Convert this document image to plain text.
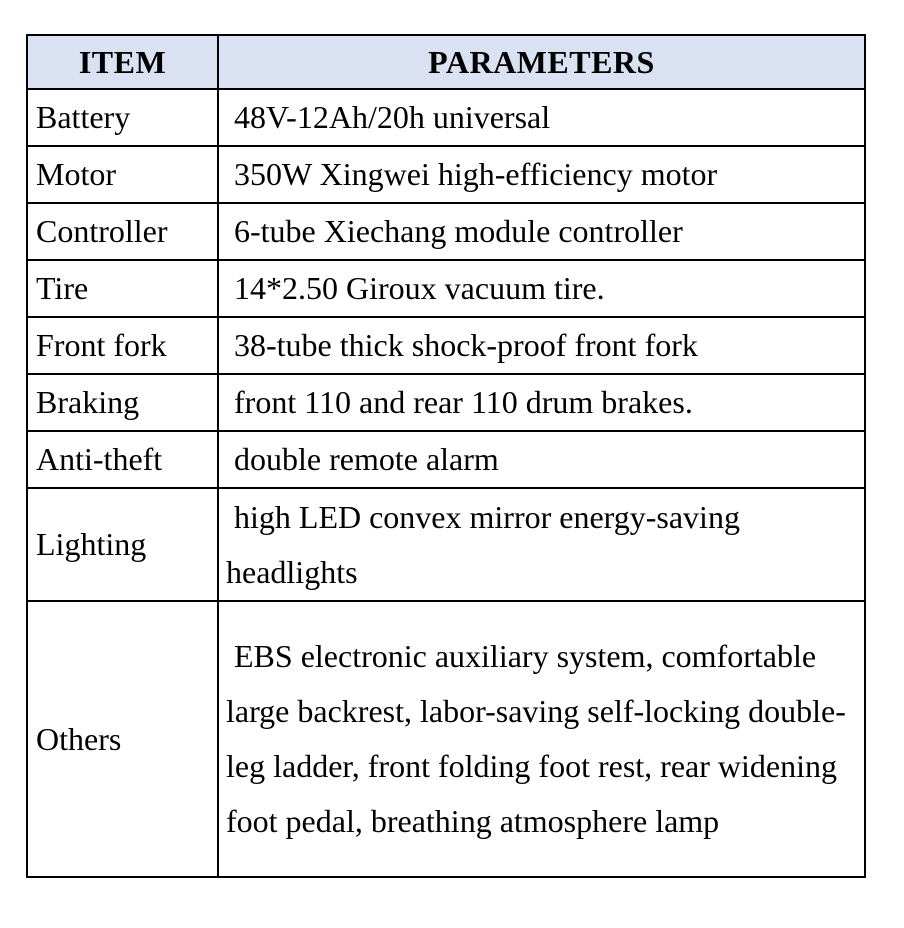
ITEM	PARAMETERS
Battery	48V-12Ah/20h universal
Motor	350W Xingwei high-efficiency motor
Controller	6-tube Xiechang module controller
Tire	14*2.50 Giroux vacuum tire.
Front fork	38-tube thick shock-proof front fork
Braking	front 110 and rear 110 drum brakes.
Anti-theft	double remote alarm
Lighting	high LED convex mirror energy-saving headlights
Others	EBS electronic auxiliary system, comfortable large backrest, labor-saving self-locking double-leg ladder, front folding foot rest, rear widening foot pedal, breathing atmosphere lamp
